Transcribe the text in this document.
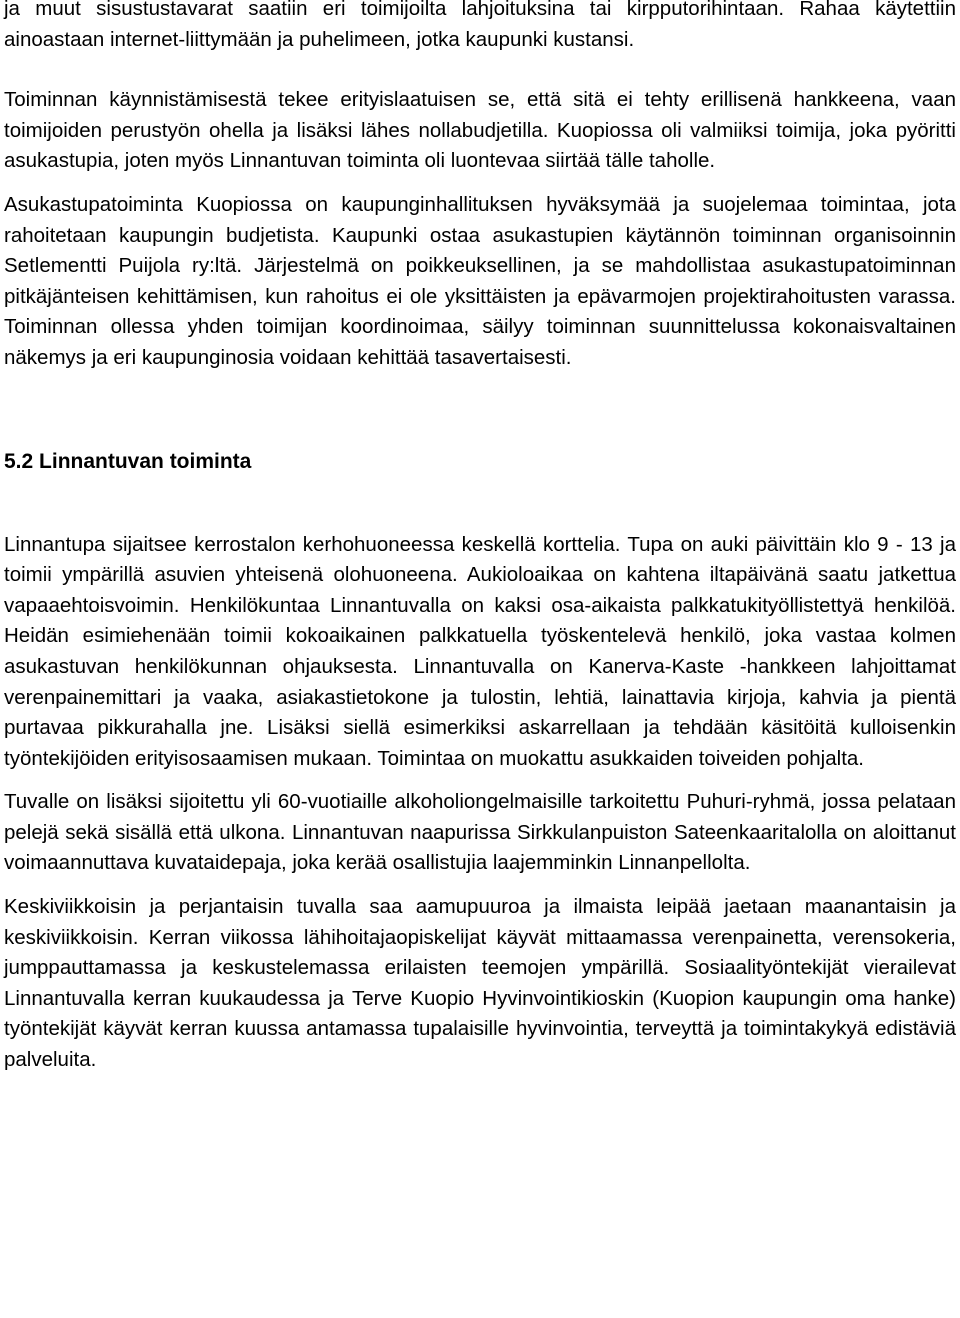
ja muut sisustustavarat saatiin eri toimijoilta lahjoituksina tai kirpputorihintaan. Rahaa käytettiin ainoastaan internet-liittymään ja puhelimeen, jotka kaupunki kustansi.

Toiminnan käynnistämisestä tekee erityislaatuisen se, että sitä ei tehty erillisenä hankkeena, vaan toimijoiden perustyön ohella ja lisäksi lähes nollabudjetilla. Kuopiossa oli valmiiksi toimija, joka pyöritti asukastupia, joten myös Linnantuvan toiminta oli luontevaa siirtää tälle taholle.

Asukastupatoiminta Kuopiossa on kaupunginhallituksen hyväksymää ja suojelemaa toimintaa, jota rahoitetaan kaupungin budjetista. Kaupunki ostaa asukastupien käytännön toiminnan organisoinnin Setlementti Puijola ry:ltä. Järjestelmä on poikkeuksellinen, ja se mahdollistaa asukastupatoiminnan pitkäjänteisen kehittämisen, kun rahoitus ei ole yksittäisten ja epävarmojen projektirahoitusten varassa. Toiminnan ollessa yhden toimijan koordinoimaa, säilyy toiminnan suunnittelussa kokonaisvaltainen näkemys ja eri kaupunginosia voidaan kehittää tasavertaisesti.

5.2 Linnantuvan toiminta

Linnantupa sijaitsee kerrostalon kerhohuoneessa keskellä korttelia. Tupa on auki päivittäin klo 9 - 13 ja toimii ympärillä asuvien yhteisenä olohuoneena. Aukioloaikaa on kahtena iltapäivänä saatu jatkettua vapaaehtoisvoimin. Henkilökuntaa Linnantuvalla on kaksi osa-aikaista palkkatukityöllistettyä henkilöä. Heidän esimiehenään toimii kokoaikainen palkkatuella työskentelevä henkilö, joka vastaa kolmen asukastuvan henkilökunnan ohjauksesta. Linnantuvalla on Kanerva-Kaste -hankkeen lahjoittamat verenpainemittari ja vaaka, asiakastietokone ja tulostin, lehtiä, lainattavia kirjoja, kahvia ja pientä purtavaa pikkurahalla jne. Lisäksi siellä esimerkiksi askarrellaan ja tehdään käsitöitä kulloisenkin työntekijöiden erityisosaamisen mukaan. Toimintaa on muokattu asukkaiden toiveiden pohjalta.

Tuvalle on lisäksi sijoitettu yli 60-vuotiaille alkoholiongelmaisille tarkoitettu Puhuri-ryhmä, jossa pelataan pelejä sekä sisällä että ulkona. Linnantuvan naapurissa Sirkkulanpuiston Sateenkaaritalolla on aloittanut voimaannuttava kuvataidepaja, joka kerää osallistujia laajemminkin Linnanpellolta.

Keskiviikkoisin ja perjantaisin tuvalla saa aamupuuroa ja ilmaista leipää jaetaan maanantaisin ja keskiviikkoisin. Kerran viikossa lähihoitajaopiskelijat käyvät mittaamassa verenpainetta, verensokeria, jumppauttamassa ja keskustelemassa erilaisten teemojen ympärillä. Sosiaalityöntekijät vierailevat Linnantuvalla kerran kuukaudessa ja Terve Kuopio Hyvinvointikioskin (Kuopion kaupungin oma hanke) työntekijät käyvät kerran kuussa antamassa tupalaisille hyvinvointia, terveyttä ja toimintakykyä edistäviä palveluita.
